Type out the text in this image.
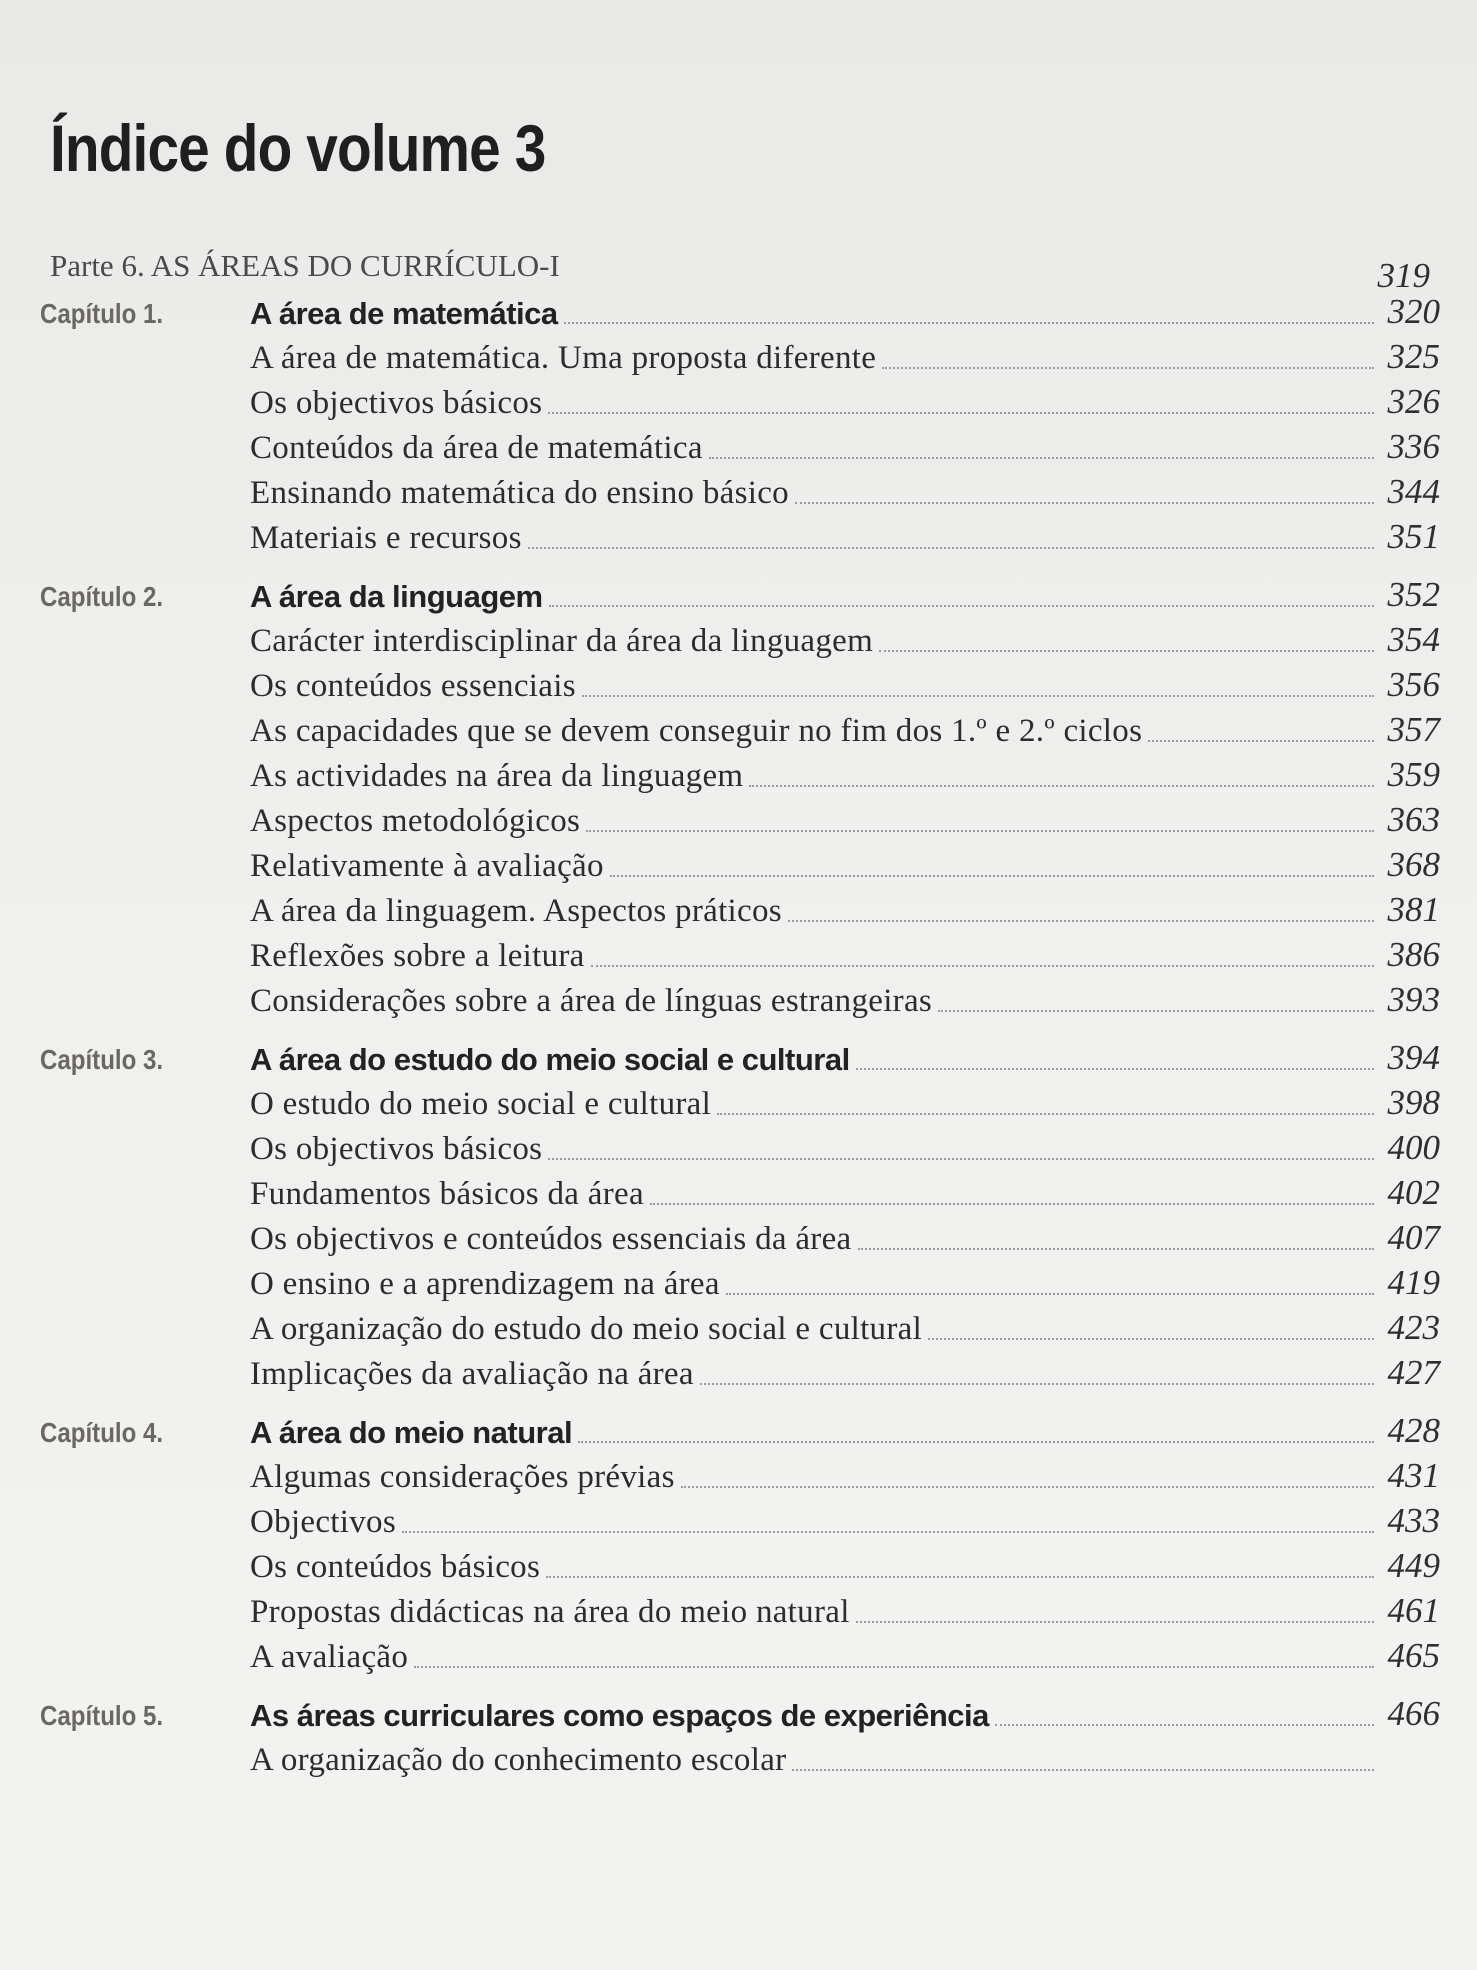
Índice do volume 3
Parte 6. AS ÁREAS DO CURRÍCULO-I	319
Capítulo 1.	A área de matemática	320
A área de matemática. Uma proposta diferente	325
Os objectivos básicos	326
Conteúdos da área de matemática	336
Ensinando matemática do ensino básico	344
Materiais e recursos	351
Capítulo 2.	A área da linguagem	352
Carácter interdisciplinar da área da linguagem	354
Os conteúdos essenciais	356
As capacidades que se devem conseguir no fim dos 1.º e 2.º ciclos	357
As actividades na área da linguagem	359
Aspectos metodológicos	363
Relativamente à avaliação	368
A área da linguagem. Aspectos práticos	381
Reflexões sobre a leitura	386
Considerações sobre a área de línguas estrangeiras	393
Capítulo 3.	A área do estudo do meio social e cultural	394
O estudo do meio social e cultural	398
Os objectivos básicos	400
Fundamentos básicos da área	402
Os objectivos e conteúdos essenciais da área	407
O ensino e a aprendizagem na área	419
A organização do estudo do meio social e cultural	423
Implicações da avaliação na área	427
Capítulo 4.	A área do meio natural	428
Algumas considerações prévias	431
Objectivos	433
Os conteúdos básicos	449
Propostas didácticas na área do meio natural	461
A avaliação	465
Capítulo 5.	As áreas curriculares como espaços de experiência	466
A organização do conhecimento escolar
